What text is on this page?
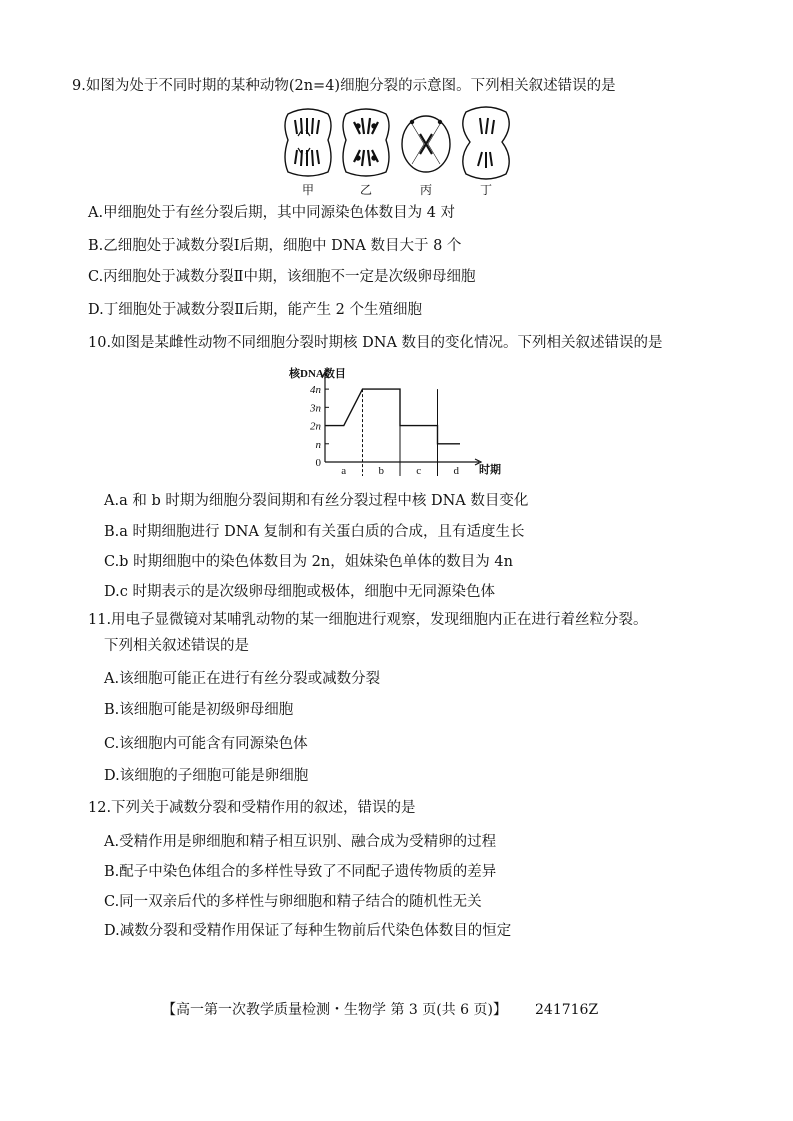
9.如图为处于不同时期的某种动物(2n=4)细胞分裂的示意图。下列相关叙述错误的是
甲	乙	丙	丁
A.甲细胞处于有丝分裂后期，其中同源染色体数目为 4 对
B.乙细胞处于减数分裂Ⅰ后期，细胞中 DNA 数目大于 8 个
C.丙细胞处于减数分裂Ⅱ中期，该细胞不一定是次级卵母细胞
D.丁细胞处于减数分裂Ⅱ后期，能产生 2 个生殖细胞
10.如图是某雌性动物不同细胞分裂时期核 DNA 数目的变化情况。下列相关叙述错误的是
核DNA数目
时期
4n
3n
2n
n
0
a	b	c	d
A.a 和 b 时期为细胞分裂间期和有丝分裂过程中核 DNA 数目变化
B.a 时期细胞进行 DNA 复制和有关蛋白质的合成，且有适度生长
C.b 时期细胞中的染色体数目为 2n，姐妹染色单体的数目为 4n
D.c 时期表示的是次级卵母细胞或极体，细胞中无同源染色体
11.用电子显微镜对某哺乳动物的某一细胞进行观察，发现细胞内正在进行着丝粒分裂。
下列相关叙述错误的是
A.该细胞可能正在进行有丝分裂或减数分裂
B.该细胞可能是初级卵母细胞
C.该细胞内可能含有同源染色体
D.该细胞的子细胞可能是卵细胞
12.下列关于减数分裂和受精作用的叙述，错误的是
A.受精作用是卵细胞和精子相互识别、融合成为受精卵的过程
B.配子中染色体组合的多样性导致了不同配子遗传物质的差异
C.同一双亲后代的多样性与卵细胞和精子结合的随机性无关
D.减数分裂和受精作用保证了每种生物前后代染色体数目的恒定
【高一第一次教学质量检测・生物学 第 3 页(共 6 页)】 241716Z
